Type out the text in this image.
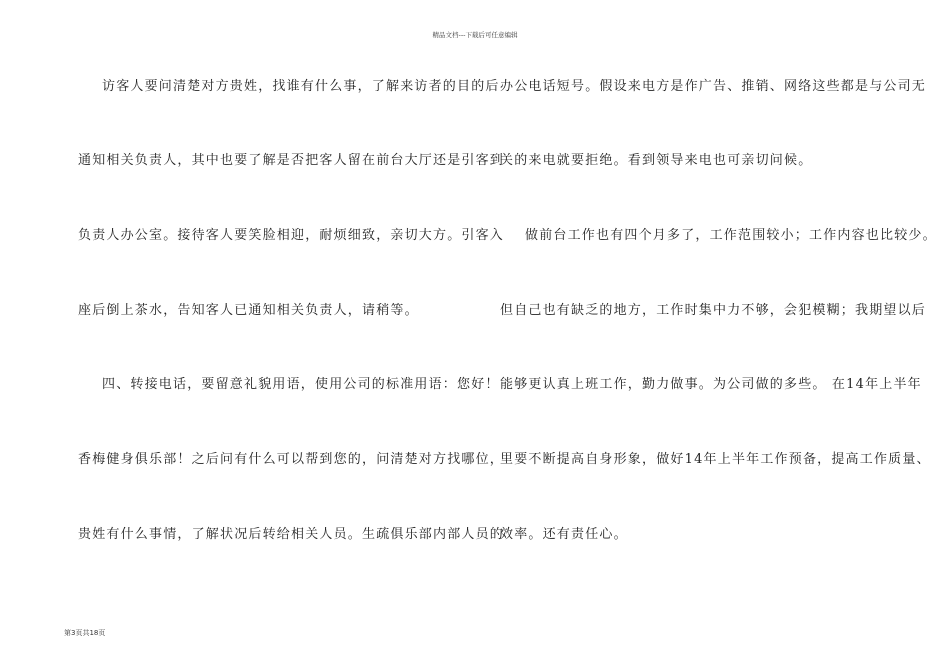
精品文档---下载后可任意编辑
访客人要问清楚对方贵姓，找谁有什么事，了解来访者的目的后
通知相关负责人，其中也要了解是否把客人留在前台大厅还是引客到
负责人办公室。接待客人要笑脸相迎，耐烦细致，亲切大方。引客入
座后倒上茶水，告知客人已通知相关负责人，请稍等。
四、转接电话，要留意礼貌用语，使用公司的标准用语：您好！
香梅健身俱乐部！之后问有什么可以帮到您的，问清楚对方找哪位，
贵姓有什么事情，了解状况后转给相关人员。生疏俱乐部内部人员的
办公电话短号。假设来电方是作广告、推销、网络这些都是与公司无
关的来电就要拒绝。看到领导来电也可亲切问候。
做前台工作也有四个月多了，工作范围较小；工作内容也比较少。
但自己也有缺乏的地方，工作时集中力不够，会犯模糊；我期望以后
能够更认真上班工作，勤力做事。为公司做的多些。 在14年上半年
里要不断提高自身形象，做好14年上半年工作预备，提高工作质量、
效率。还有责任心。
第3页共18页
